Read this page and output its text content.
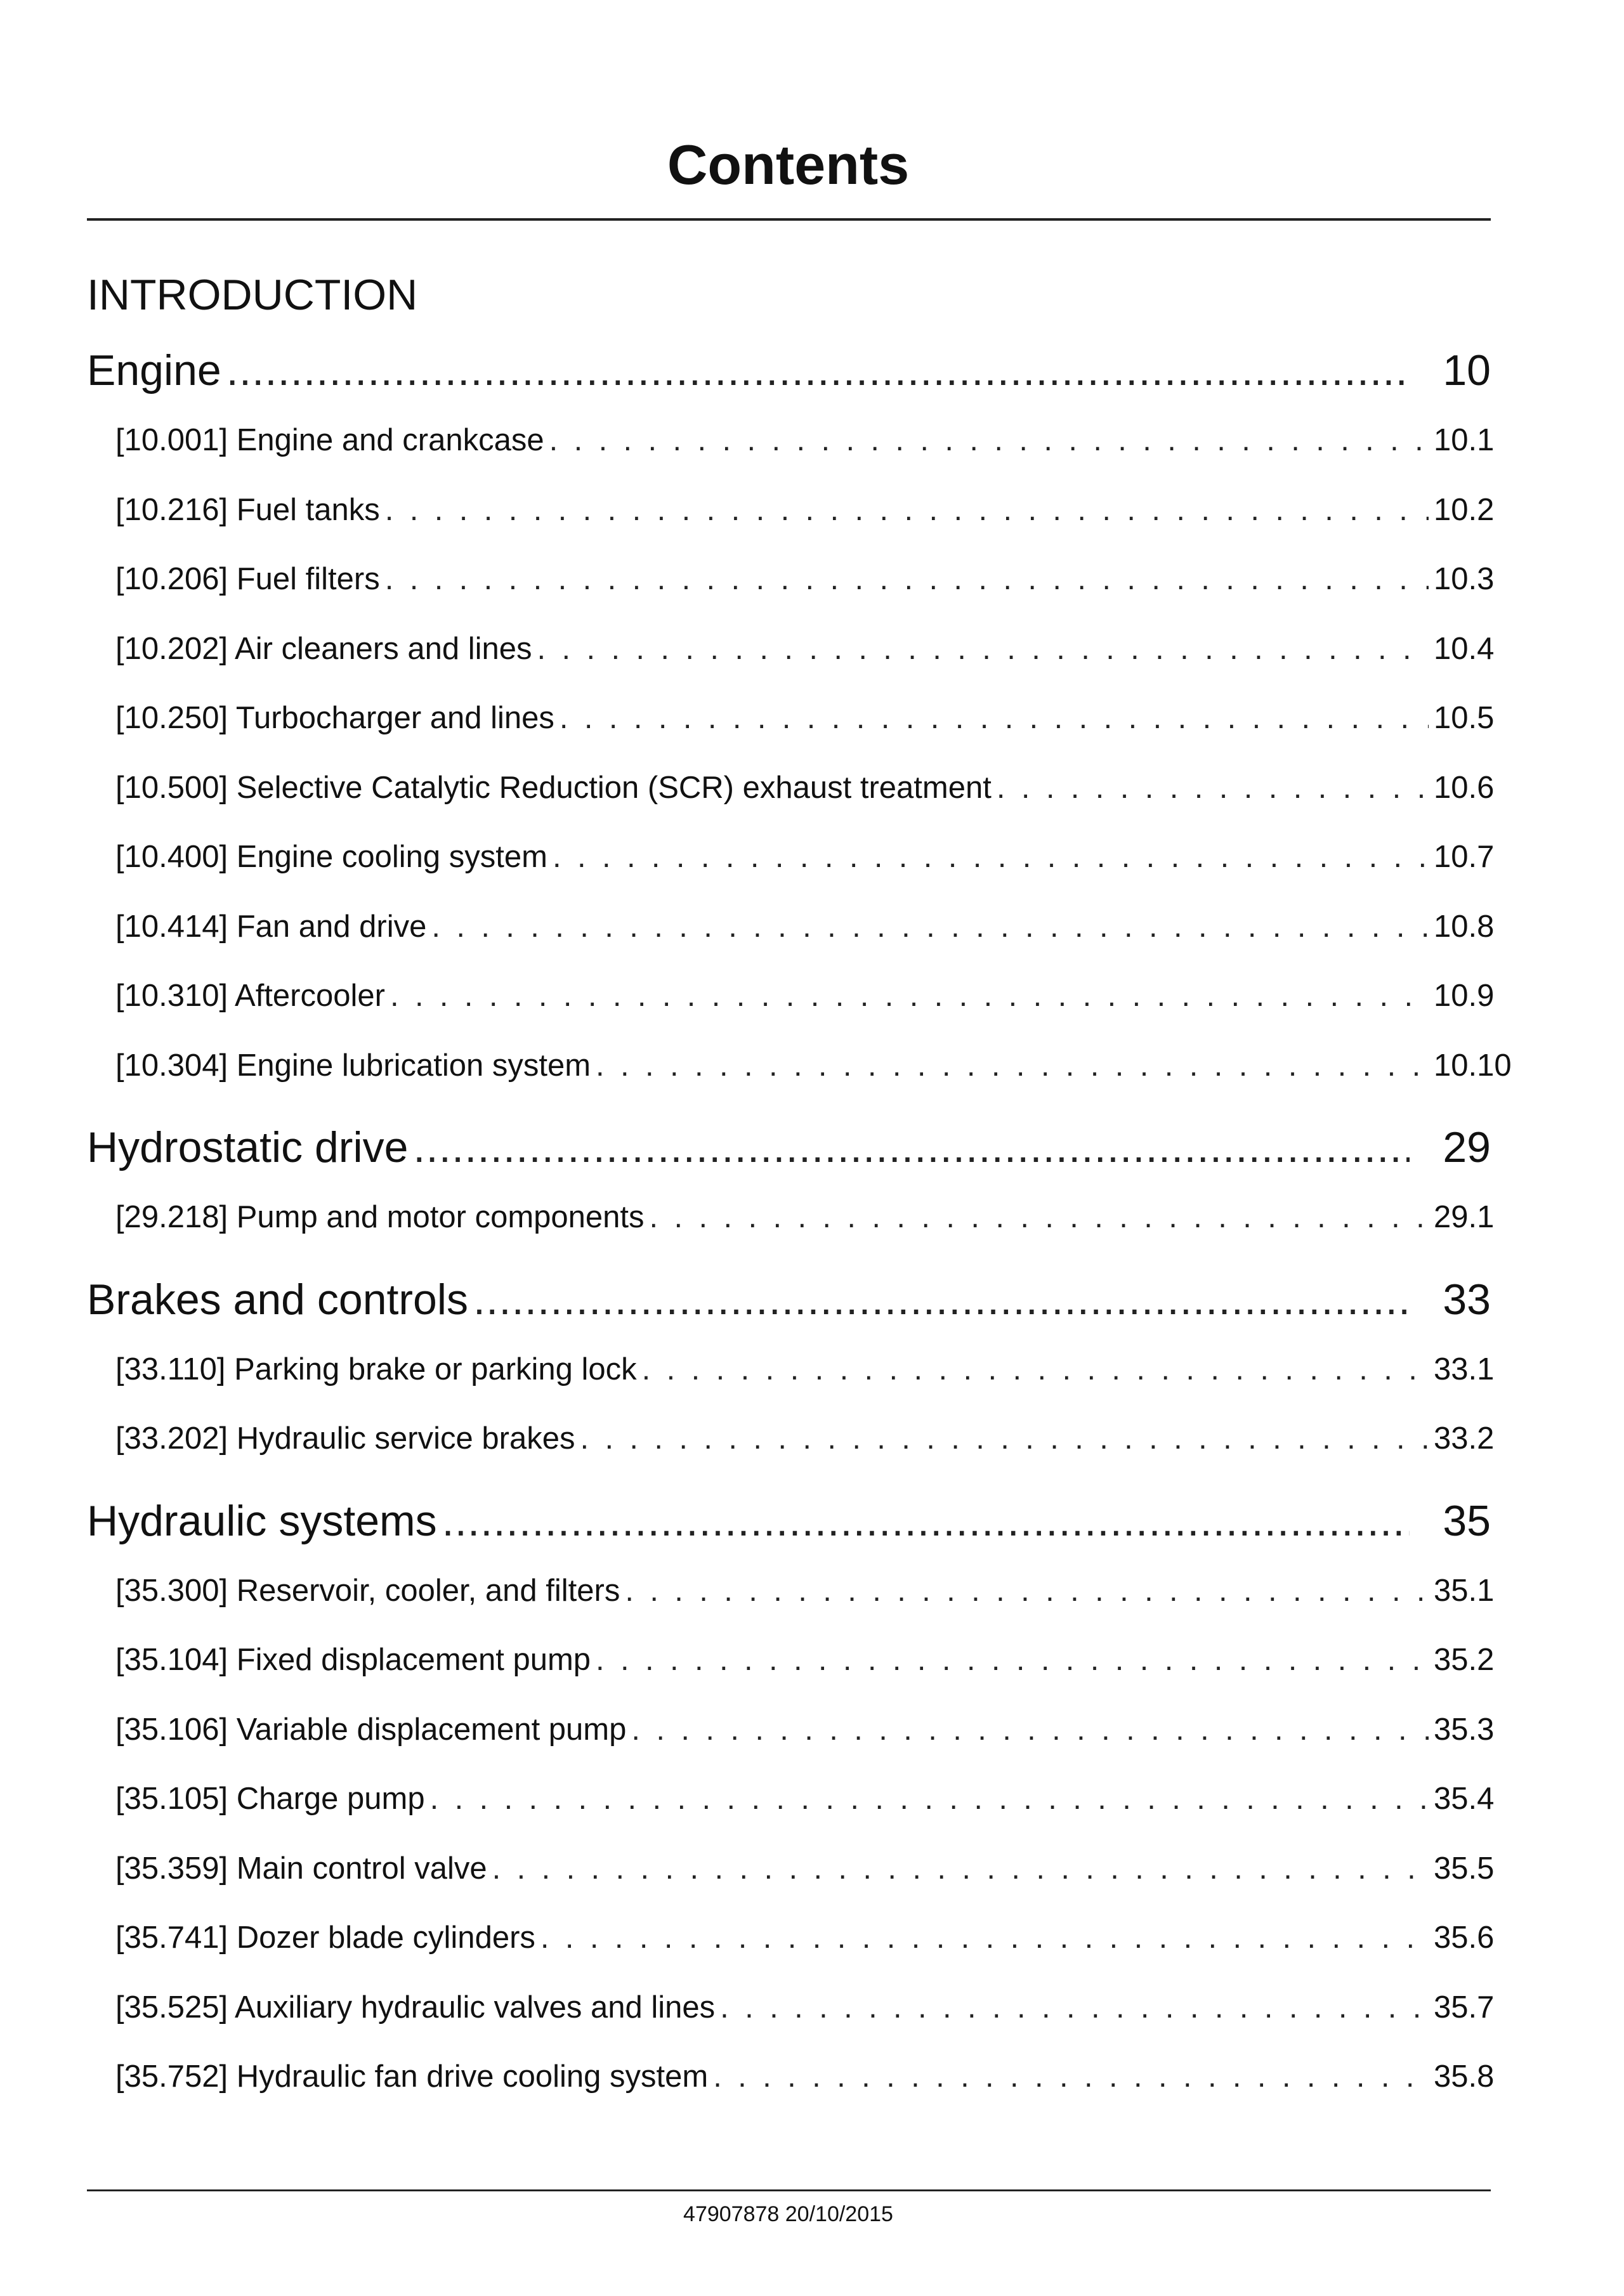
Contents
INTRODUCTION
Engine .....	10
[10.001] Engine and crankcase . . .	10.1
[10.216] Fuel tanks . . .	10.2
[10.206] Fuel filters . . .	10.3
[10.202] Air cleaners and lines . . .	10.4
[10.250] Turbocharger and lines . . .	10.5
[10.500] Selective Catalytic Reduction (SCR) exhaust treatment . . .	10.6
[10.400] Engine cooling system . . .	10.7
[10.414] Fan and drive . . .	10.8
[10.310] Aftercooler . . .	10.9
[10.304] Engine lubrication system . . .	10.10
Hydrostatic drive .....	29
[29.218] Pump and motor components . . .	29.1
Brakes and controls .....	33
[33.110] Parking brake or parking lock . . .	33.1
[33.202] Hydraulic service brakes . . .	33.2
Hydraulic systems .....	35
[35.300] Reservoir, cooler, and filters . . .	35.1
[35.104] Fixed displacement pump . . .	35.2
[35.106] Variable displacement pump . . .	35.3
[35.105] Charge pump . . .	35.4
[35.359] Main control valve . . .	35.5
[35.741] Dozer blade cylinders . . .	35.6
[35.525] Auxiliary hydraulic valves and lines . . .	35.7
[35.752] Hydraulic fan drive cooling system . . .	35.8
47907878 20/10/2015
